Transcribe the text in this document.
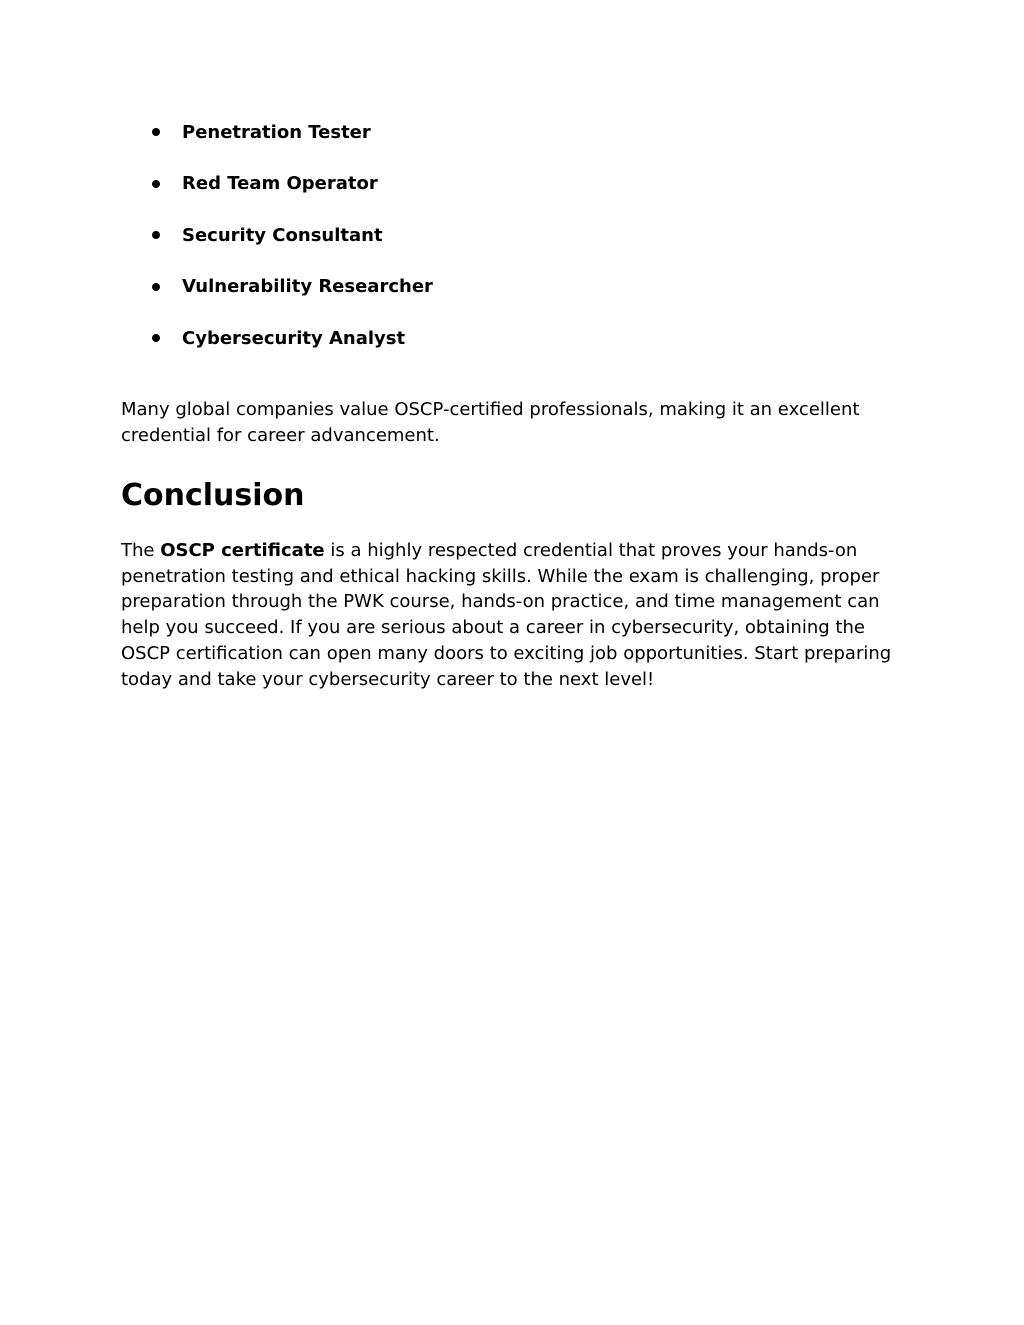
Penetration Tester
Red Team Operator
Security Consultant
Vulnerability Researcher
Cybersecurity Analyst

Many global companies value OSCP-certified professionals, making it an excellent credential for career advancement.

Conclusion

The OSCP certificate is a highly respected credential that proves your hands-on penetration testing and ethical hacking skills. While the exam is challenging, proper preparation through the PWK course, hands-on practice, and time management can help you succeed. If you are serious about a career in cybersecurity, obtaining the OSCP certification can open many doors to exciting job opportunities. Start preparing today and take your cybersecurity career to the next level!
